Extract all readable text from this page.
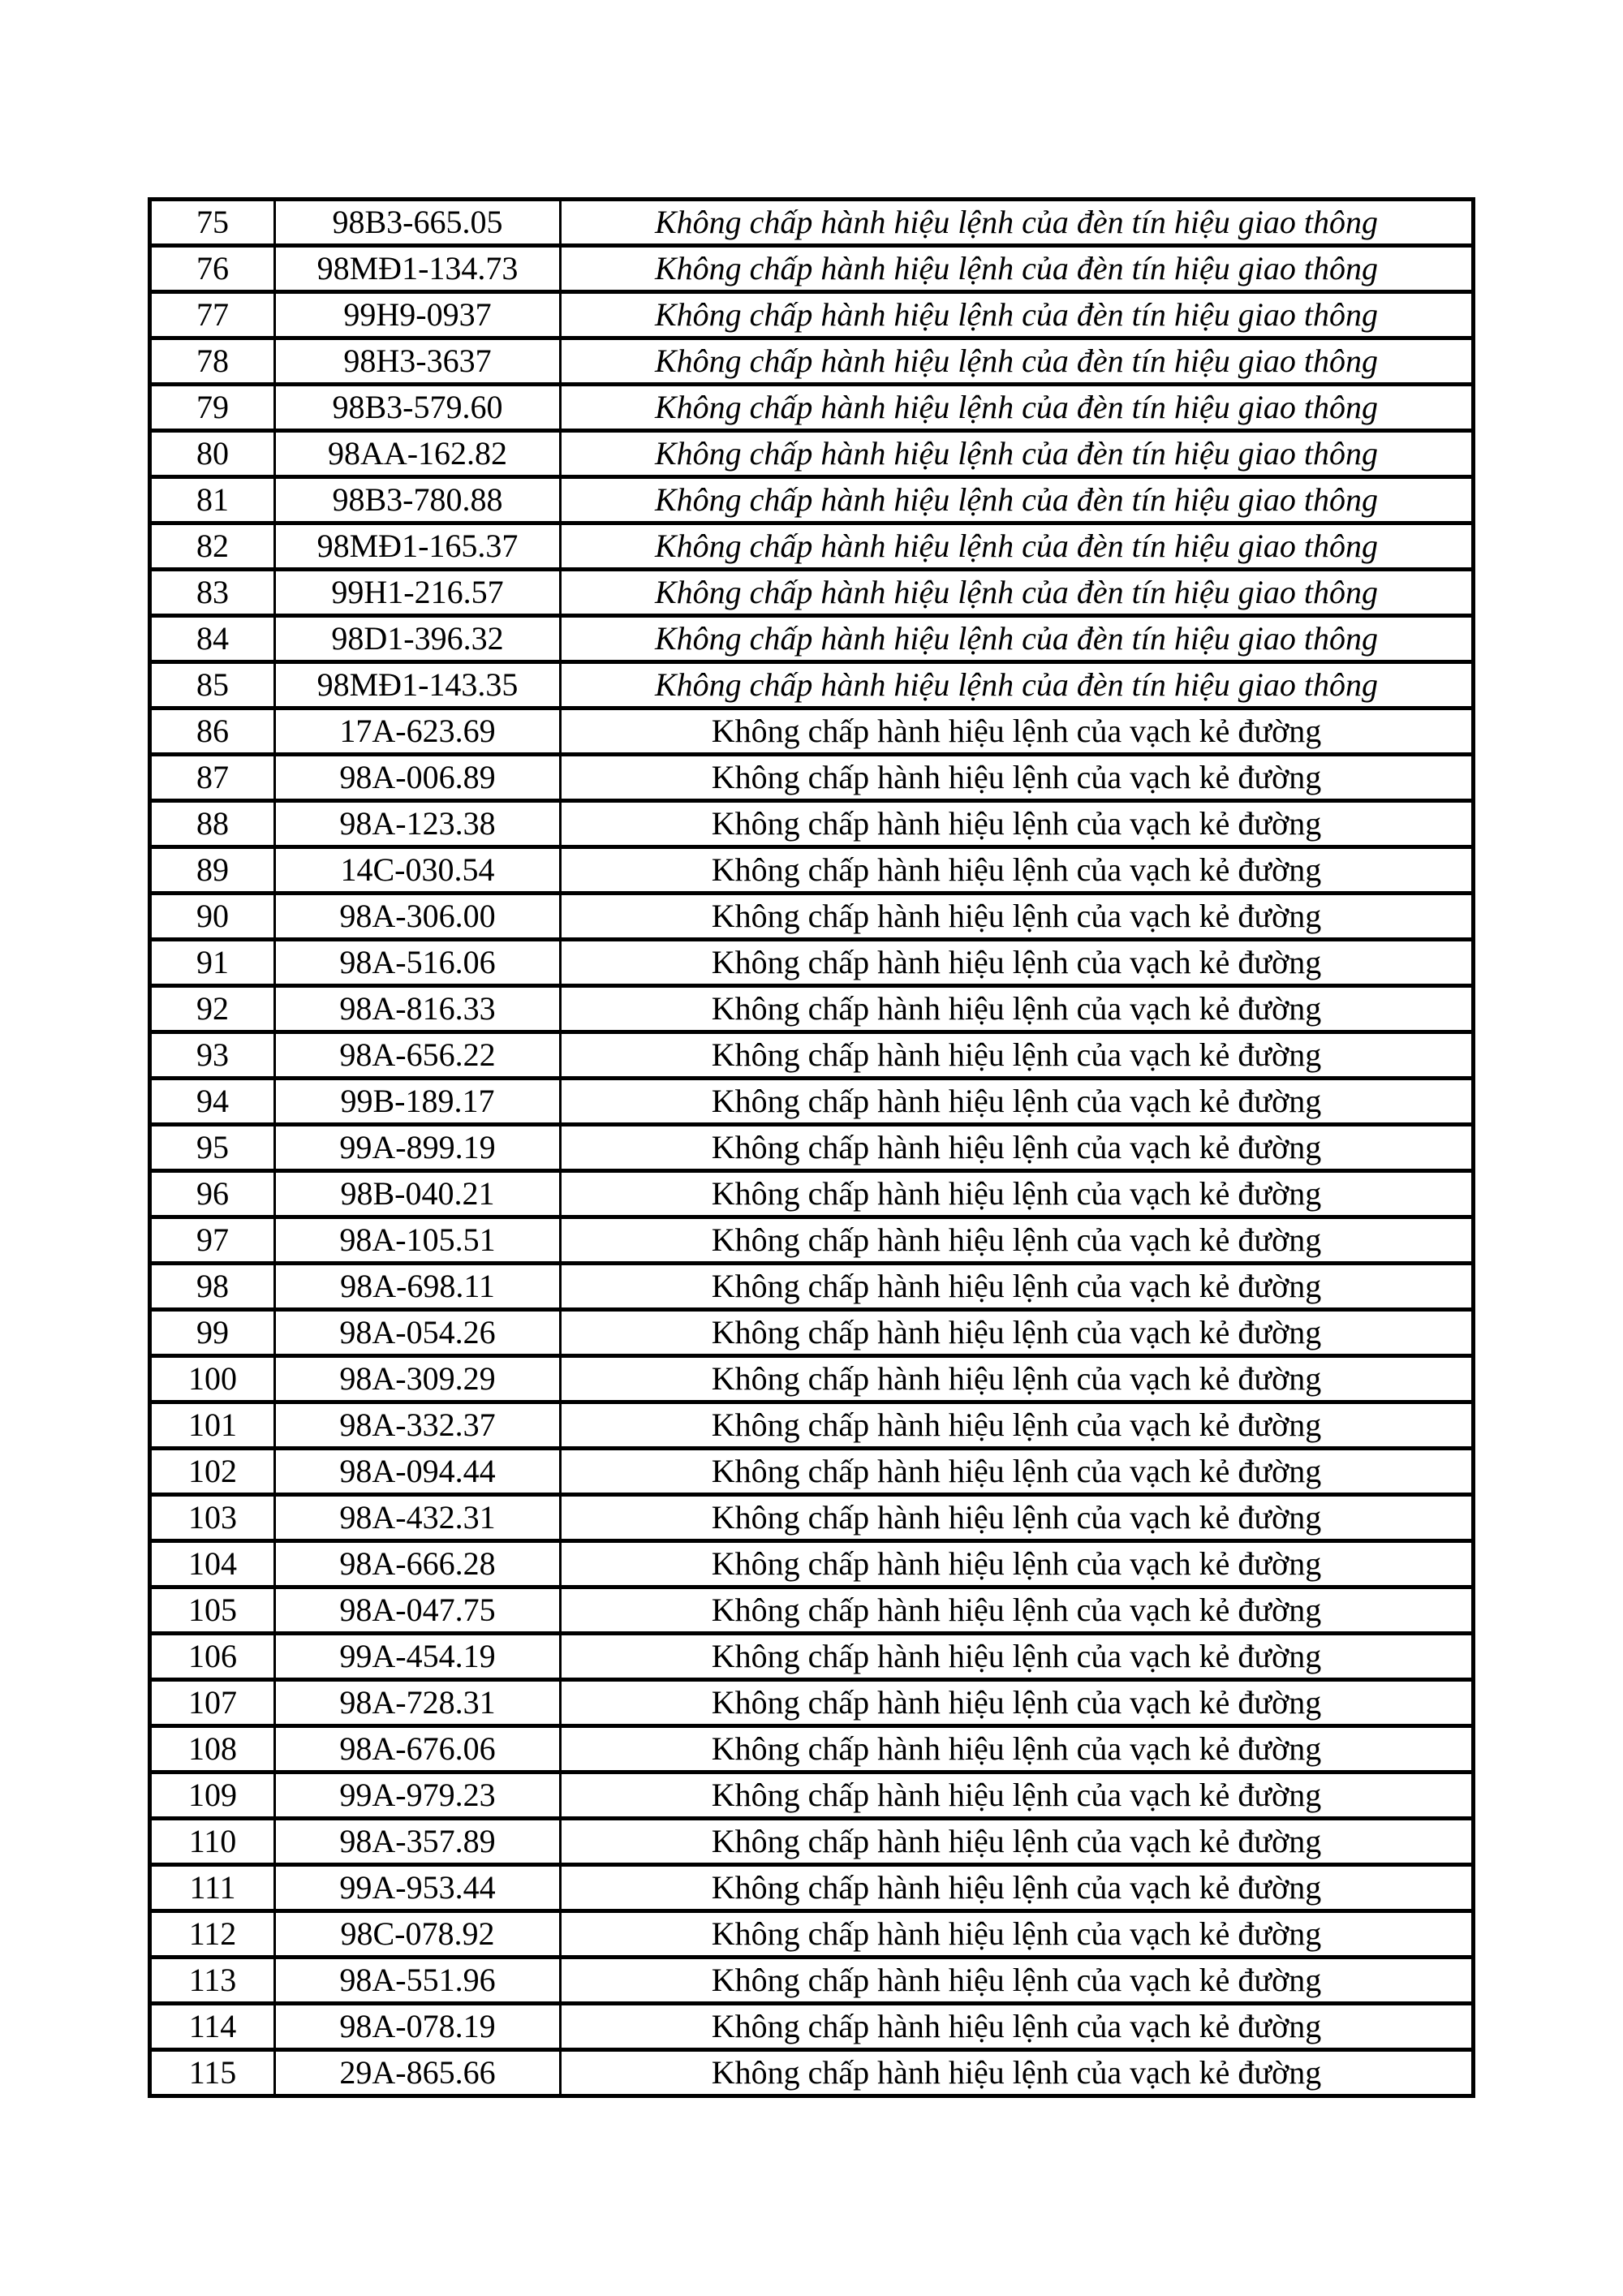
75	98B3-665.05	Không chấp hành hiệu lệnh của đèn tín hiệu giao thông
76	98MĐ1-134.73	Không chấp hành hiệu lệnh của đèn tín hiệu giao thông
77	99H9-0937	Không chấp hành hiệu lệnh của đèn tín hiệu giao thông
78	98H3-3637	Không chấp hành hiệu lệnh của đèn tín hiệu giao thông
79	98B3-579.60	Không chấp hành hiệu lệnh của đèn tín hiệu giao thông
80	98AA-162.82	Không chấp hành hiệu lệnh của đèn tín hiệu giao thông
81	98B3-780.88	Không chấp hành hiệu lệnh của đèn tín hiệu giao thông
82	98MĐ1-165.37	Không chấp hành hiệu lệnh của đèn tín hiệu giao thông
83	99H1-216.57	Không chấp hành hiệu lệnh của đèn tín hiệu giao thông
84	98D1-396.32	Không chấp hành hiệu lệnh của đèn tín hiệu giao thông
85	98MĐ1-143.35	Không chấp hành hiệu lệnh của đèn tín hiệu giao thông
86	17A-623.69	Không chấp hành hiệu lệnh của vạch kẻ đường
87	98A-006.89	Không chấp hành hiệu lệnh của vạch kẻ đường
88	98A-123.38	Không chấp hành hiệu lệnh của vạch kẻ đường
89	14C-030.54	Không chấp hành hiệu lệnh của vạch kẻ đường
90	98A-306.00	Không chấp hành hiệu lệnh của vạch kẻ đường
91	98A-516.06	Không chấp hành hiệu lệnh của vạch kẻ đường
92	98A-816.33	Không chấp hành hiệu lệnh của vạch kẻ đường
93	98A-656.22	Không chấp hành hiệu lệnh của vạch kẻ đường
94	99B-189.17	Không chấp hành hiệu lệnh của vạch kẻ đường
95	99A-899.19	Không chấp hành hiệu lệnh của vạch kẻ đường
96	98B-040.21	Không chấp hành hiệu lệnh của vạch kẻ đường
97	98A-105.51	Không chấp hành hiệu lệnh của vạch kẻ đường
98	98A-698.11	Không chấp hành hiệu lệnh của vạch kẻ đường
99	98A-054.26	Không chấp hành hiệu lệnh của vạch kẻ đường
100	98A-309.29	Không chấp hành hiệu lệnh của vạch kẻ đường
101	98A-332.37	Không chấp hành hiệu lệnh của vạch kẻ đường
102	98A-094.44	Không chấp hành hiệu lệnh của vạch kẻ đường
103	98A-432.31	Không chấp hành hiệu lệnh của vạch kẻ đường
104	98A-666.28	Không chấp hành hiệu lệnh của vạch kẻ đường
105	98A-047.75	Không chấp hành hiệu lệnh của vạch kẻ đường
106	99A-454.19	Không chấp hành hiệu lệnh của vạch kẻ đường
107	98A-728.31	Không chấp hành hiệu lệnh của vạch kẻ đường
108	98A-676.06	Không chấp hành hiệu lệnh của vạch kẻ đường
109	99A-979.23	Không chấp hành hiệu lệnh của vạch kẻ đường
110	98A-357.89	Không chấp hành hiệu lệnh của vạch kẻ đường
111	99A-953.44	Không chấp hành hiệu lệnh của vạch kẻ đường
112	98C-078.92	Không chấp hành hiệu lệnh của vạch kẻ đường
113	98A-551.96	Không chấp hành hiệu lệnh của vạch kẻ đường
114	98A-078.19	Không chấp hành hiệu lệnh của vạch kẻ đường
115	29A-865.66	Không chấp hành hiệu lệnh của vạch kẻ đường
